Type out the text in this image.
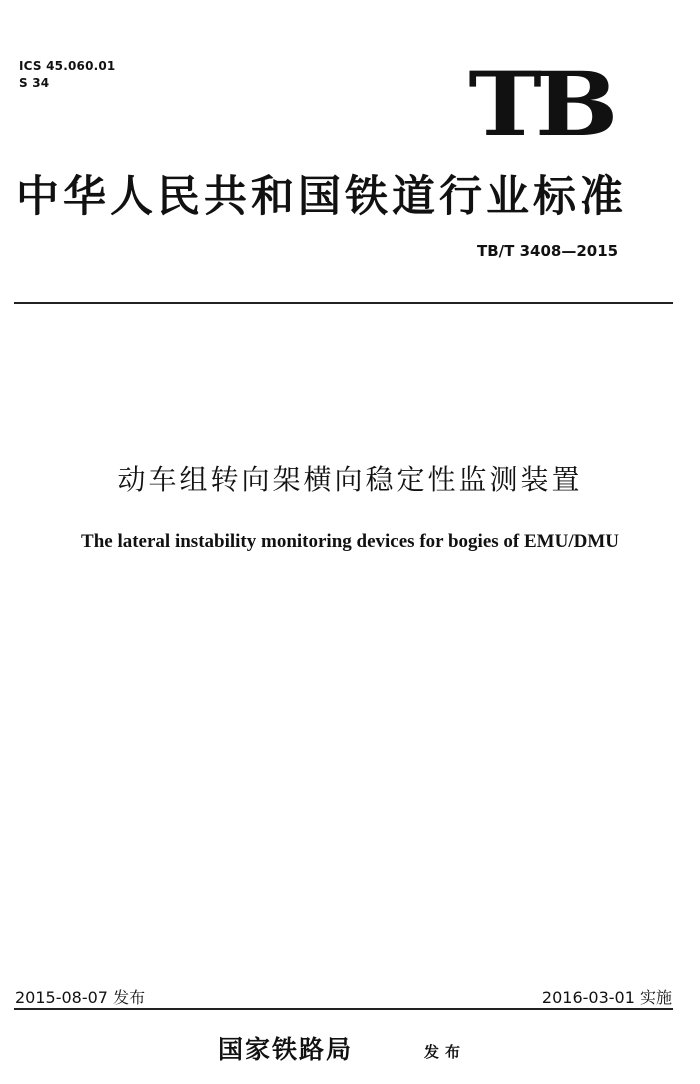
ICS 45.060.01
S 34	TB
中华人民共和国铁道行业标准
TB/T 3408—2015
动车组转向架横向稳定性监测装置
The lateral instability monitoring devices for bogies of EMU/DMU
2015-08-07 发布	2016-03-01 实施
国家铁路局	发布
